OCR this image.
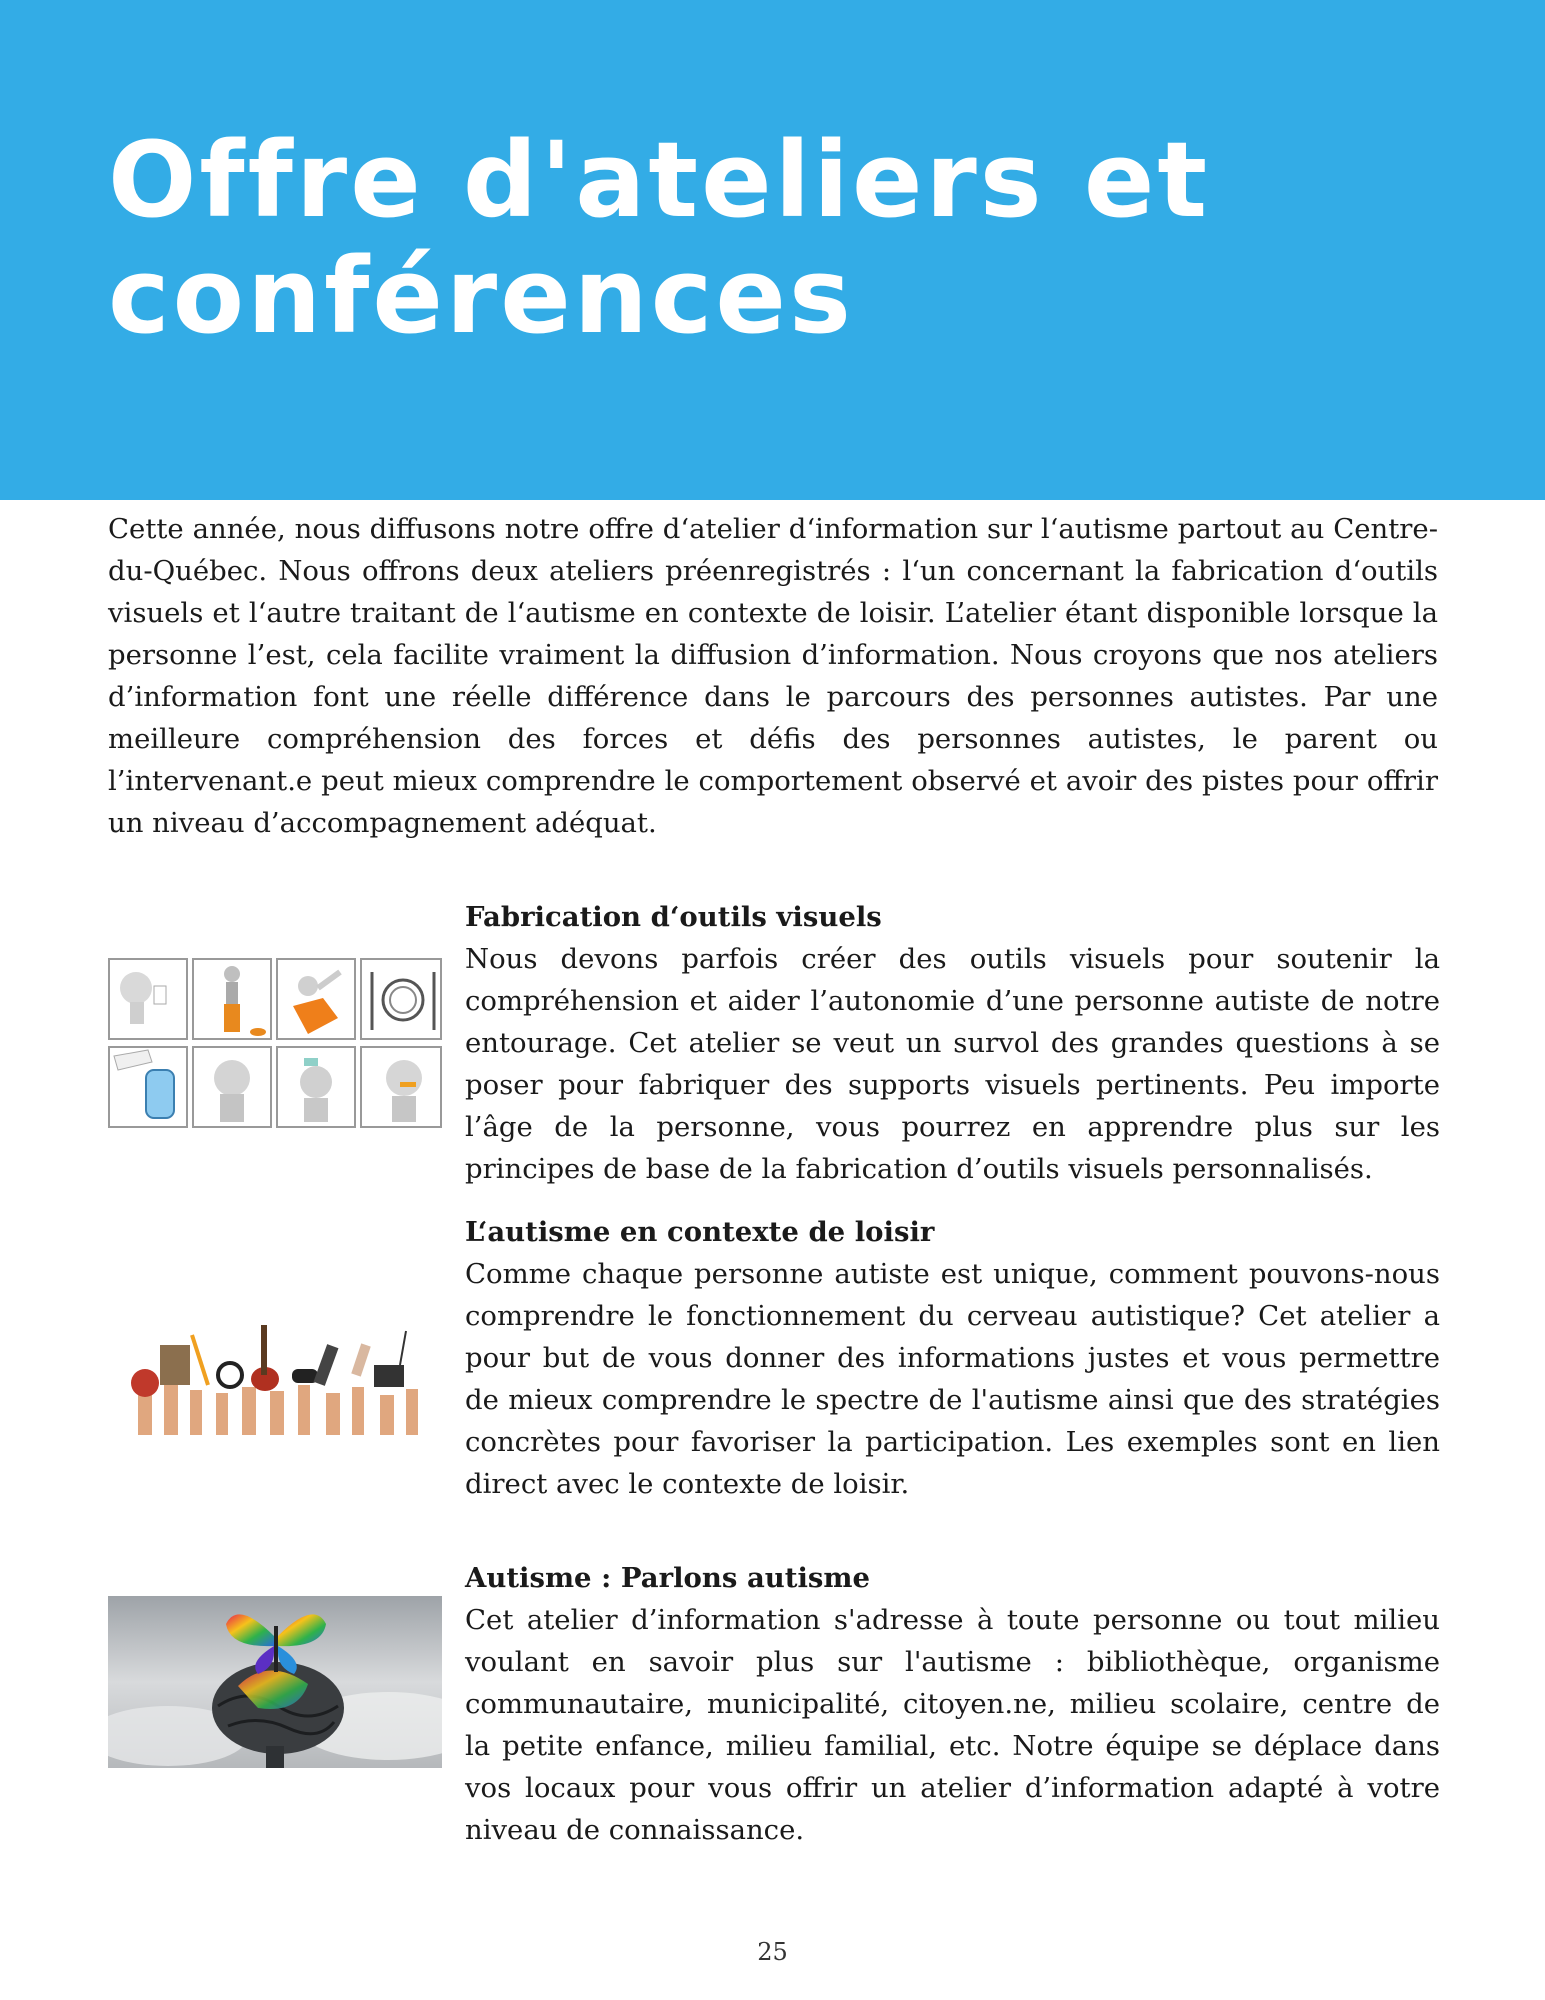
Offre d'ateliers et
conférences

Cette année, nous diffusons notre offre d‘atelier d‘information sur l‘autisme partout au Centre-du-Québec. Nous offrons deux ateliers préenregistrés : l‘un concernant la fabrication d‘outils visuels et l‘autre traitant de l‘autisme en contexte de loisir. L’atelier étant disponible lorsque la personne l’est, cela facilite vraiment la diffusion d’information. Nous croyons que nos ateliers d’information font une réelle différence dans le parcours des personnes autistes. Par une meilleure compréhension des forces et défis des personnes autistes, le parent ou l’intervenant.e peut mieux comprendre le comportement observé et avoir des pistes pour offrir un niveau d’accompagnement adéquat.

Fabrication d‘outils visuels

Nous devons parfois créer des outils visuels pour soutenir la compréhension et aider l’autonomie d’une personne autiste de notre entourage. Cet atelier se veut un survol des grandes questions à se poser pour fabriquer des supports visuels pertinents. Peu importe l’âge de la personne, vous pourrez en apprendre plus sur les principes de base de la fabrication d’outils visuels personnalisés.

L‘autisme en contexte de loisir

Comme chaque personne autiste est unique, comment pouvons-nous comprendre le fonctionnement du cerveau autistique? Cet atelier a pour but de vous donner des informations justes et vous permettre de mieux comprendre le spectre de l'autisme ainsi que des stratégies concrètes pour favoriser la participation. Les exemples sont en lien direct avec le contexte de loisir.

Autisme : Parlons autisme

Cet atelier d’information s'adresse à toute personne ou tout milieu voulant en savoir plus sur l'autisme : bibliothèque, organisme communautaire, municipalité, citoyen.ne, milieu scolaire, centre de la petite enfance, milieu familial, etc. Notre équipe se déplace dans vos locaux pour vous offrir un atelier d’information adapté à votre niveau de connaissance.

25
